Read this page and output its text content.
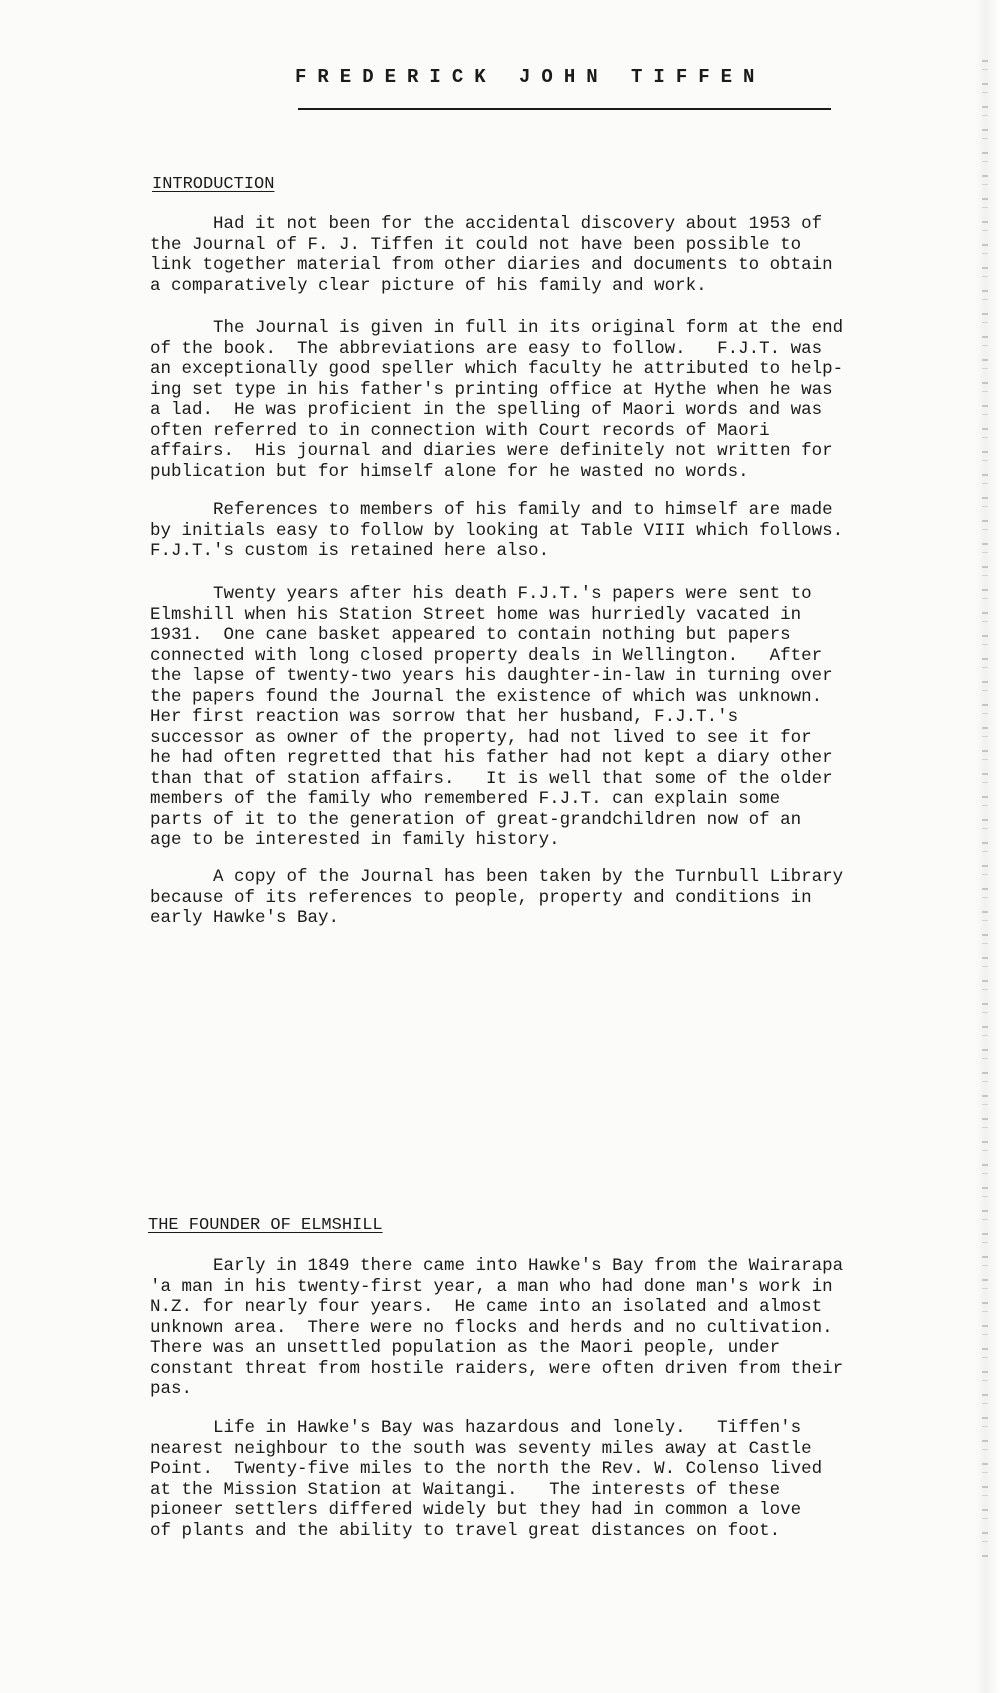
FREDERICK JOHN TIFFEN
INTRODUCTION

Had it not been for the accidental discovery about 1953 of
the Journal of F. J. Tiffen it could not have been possible to
link together material from other diaries and documents to obtain
a comparatively clear picture of his family and work.

The Journal is given in full in its original form at the end
of the book.  The abbreviations are easy to follow.   F.J.T. was
an exceptionally good speller which faculty he attributed to help-
ing set type in his father's printing office at Hythe when he was
a lad.  He was proficient in the spelling of Maori words and was
often referred to in connection with Court records of Maori
affairs.  His journal and diaries were definitely not written for
publication but for himself alone for he wasted no words.

References to members of his family and to himself are made
by initials easy to follow by looking at Table VIII which follows.
F.J.T.'s custom is retained here also.

Twenty years after his death F.J.T.'s papers were sent to
Elmshill when his Station Street home was hurriedly vacated in
1931.  One cane basket appeared to contain nothing but papers
connected with long closed property deals in Wellington.   After
the lapse of twenty-two years his daughter-in-law in turning over
the papers found the Journal the existence of which was unknown.
Her first reaction was sorrow that her husband, F.J.T.'s
successor as owner of the property, had not lived to see it for
he had often regretted that his father had not kept a diary other
than that of station affairs.   It is well that some of the older
members of the family who remembered F.J.T. can explain some
parts of it to the generation of great-grandchildren now of an
age to be interested in family history.

A copy of the Journal has been taken by the Turnbull Library
because of its references to people, property and conditions in
early Hawke's Bay.

THE FOUNDER OF ELMSHILL

Early in 1849 there came into Hawke's Bay from the Wairarapa
'a man in his twenty-first year, a man who had done man's work in
N.Z. for nearly four years.  He came into an isolated and almost
unknown area.  There were no flocks and herds and no cultivation.
There was an unsettled population as the Maori people, under
constant threat from hostile raiders, were often driven from their
pas.

Life in Hawke's Bay was hazardous and lonely.   Tiffen's
nearest neighbour to the south was seventy miles away at Castle
Point.  Twenty-five miles to the north the Rev. W. Colenso lived
at the Mission Station at Waitangi.   The interests of these
pioneer settlers differed widely but they had in common a love
of plants and the ability to travel great distances on foot.
